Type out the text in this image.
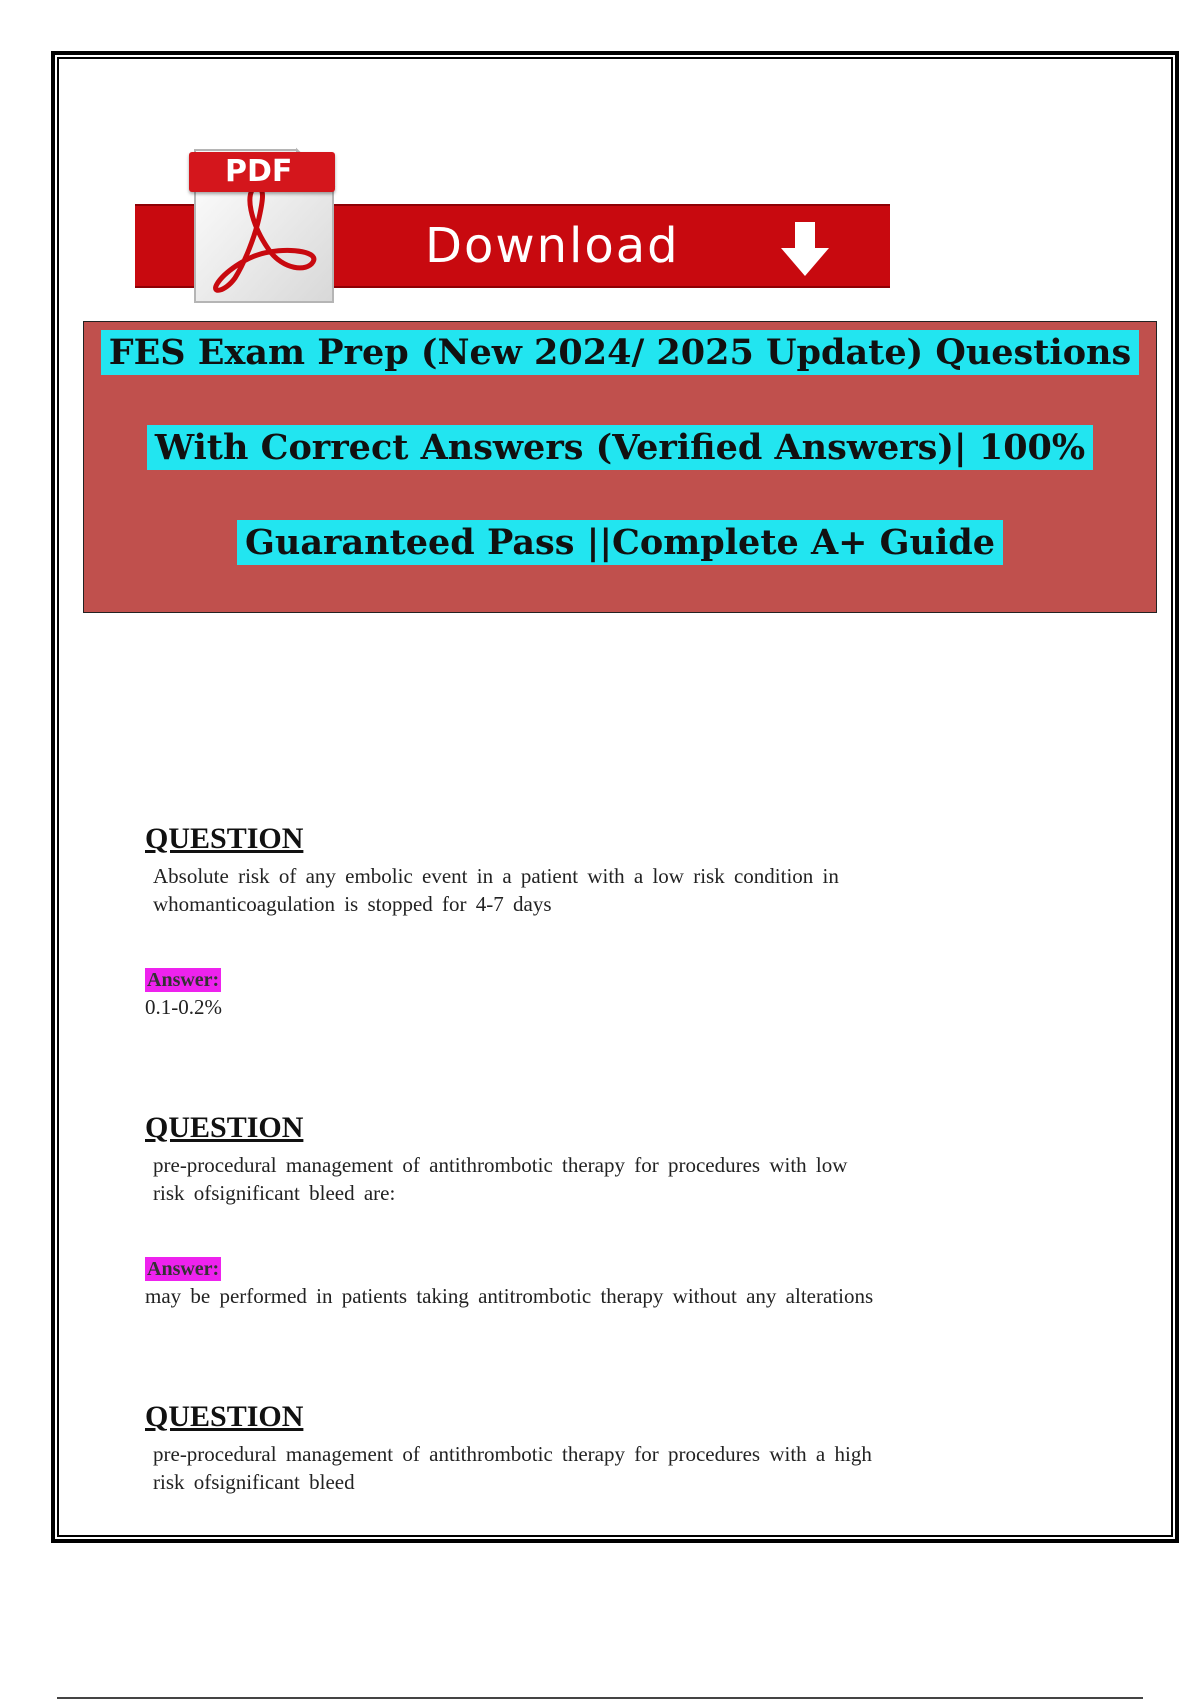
Download
PDF
FES Exam Prep (New 2024/ 2025 Update) Questions
With Correct Answers (Verified Answers)| 100%
Guaranteed Pass ||Complete A+ Guide

QUESTION

Absolute risk of any embolic event in a patient with a low risk condition in
whomanticoagulation is stopped for 4-7 days

Answer:

0.1-0.2%

QUESTION

pre-procedural management of antithrombotic therapy for procedures with low
risk ofsignificant bleed are:

Answer:

may be performed in patients taking antitrombotic therapy without any alterations

QUESTION

pre-procedural management of antithrombotic therapy for procedures with a high
risk ofsignificant bleed
